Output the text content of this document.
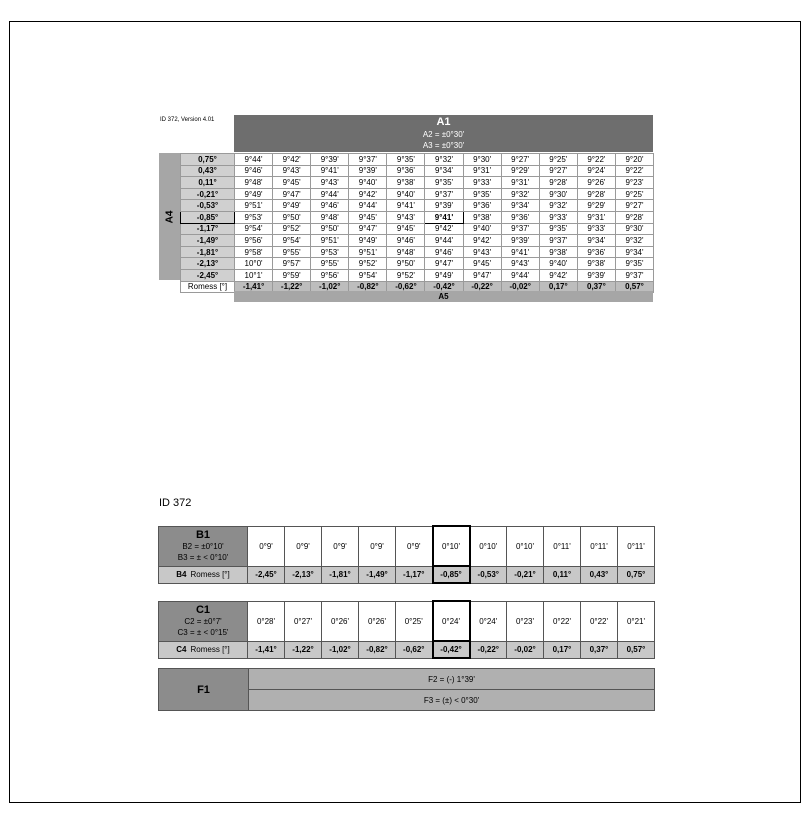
ID 372, Version 4.01	A1
A2 = ±0°30'
A3 = ±0°30'
A4
0,75°	9°44'	9°42'	9°39'	9°37'	9°35'	9°32'	9°30'	9°27'	9°25'	9°22'	9°20'
0,43°	9°46'	9°43'	9°41'	9°39'	9°36'	9°34'	9°31'	9°29'	9°27'	9°24'	9°22'
0,11°	9°48'	9°45'	9°43'	9°40'	9°38'	9°35'	9°33'	9°31'	9°28'	9°26'	9°23'
-0,21°	9°49'	9°47'	9°44'	9°42'	9°40'	9°37'	9°35'	9°32'	9°30'	9°28'	9°25'
-0,53°	9°51'	9°49'	9°46'	9°44'	9°41'	9°39'	9°36'	9°34'	9°32'	9°29'	9°27'
-0,85°	9°53'	9°50'	9°48'	9°45'	9°43'	9°41'	9°38'	9°36'	9°33'	9°31'	9°28'
-1,17°	9°54'	9°52'	9°50'	9°47'	9°45'	9°42'	9°40'	9°37'	9°35'	9°33'	9°30'
-1,49°	9°56'	9°54'	9°51'	9°49'	9°46'	9°44'	9°42'	9°39'	9°37'	9°34'	9°32'
-1,81°	9°58'	9°55'	9°53'	9°51'	9°48'	9°46'	9°43'	9°41'	9°38'	9°36'	9°34'
-2,13°	10°0'	9°57'	9°55'	9°52'	9°50'	9°47'	9°45'	9°43'	9°40'	9°38'	9°35'
-2,45°	10°1'	9°59'	9°56'	9°54'	9°52'	9°49'	9°47'	9°44'	9°42'	9°39'	9°37'
Romess [°]	-1,41°	-1,22°	-1,02°	-0,82°	-0,62°	-0,42°	-0,22°	-0,02°	0,17°	0,37°	0,57°
A5
ID 372
B1
B2 = ±0°10'
B3 = ± < 0°10'	0°9'	0°9'	0°9'	0°9'	0°9'	0°10'	0°10'	0°10'	0°11'	0°11'	0°11'
B4 Romess [°]	-2,45°	-2,13°	-1,81°	-1,49°	-1,17°	-0,85°	-0,53°	-0,21°	0,11°	0,43°	0,75°
C1
C2 = ±0°7'
C3 = ± < 0°15'	0°28'	0°27'	0°26'	0°26'	0°25'	0°24'	0°24'	0°23'	0°22'	0°22'	0°21'
C4 Romess [°]	-1,41°	-1,22°	-1,02°	-0,82°	-0,62°	-0,42°	-0,22°	-0,02°	0,17°	0,37°	0,57°
F1
F2 = (-) 1°39'
F3 = (±) < 0°30'
